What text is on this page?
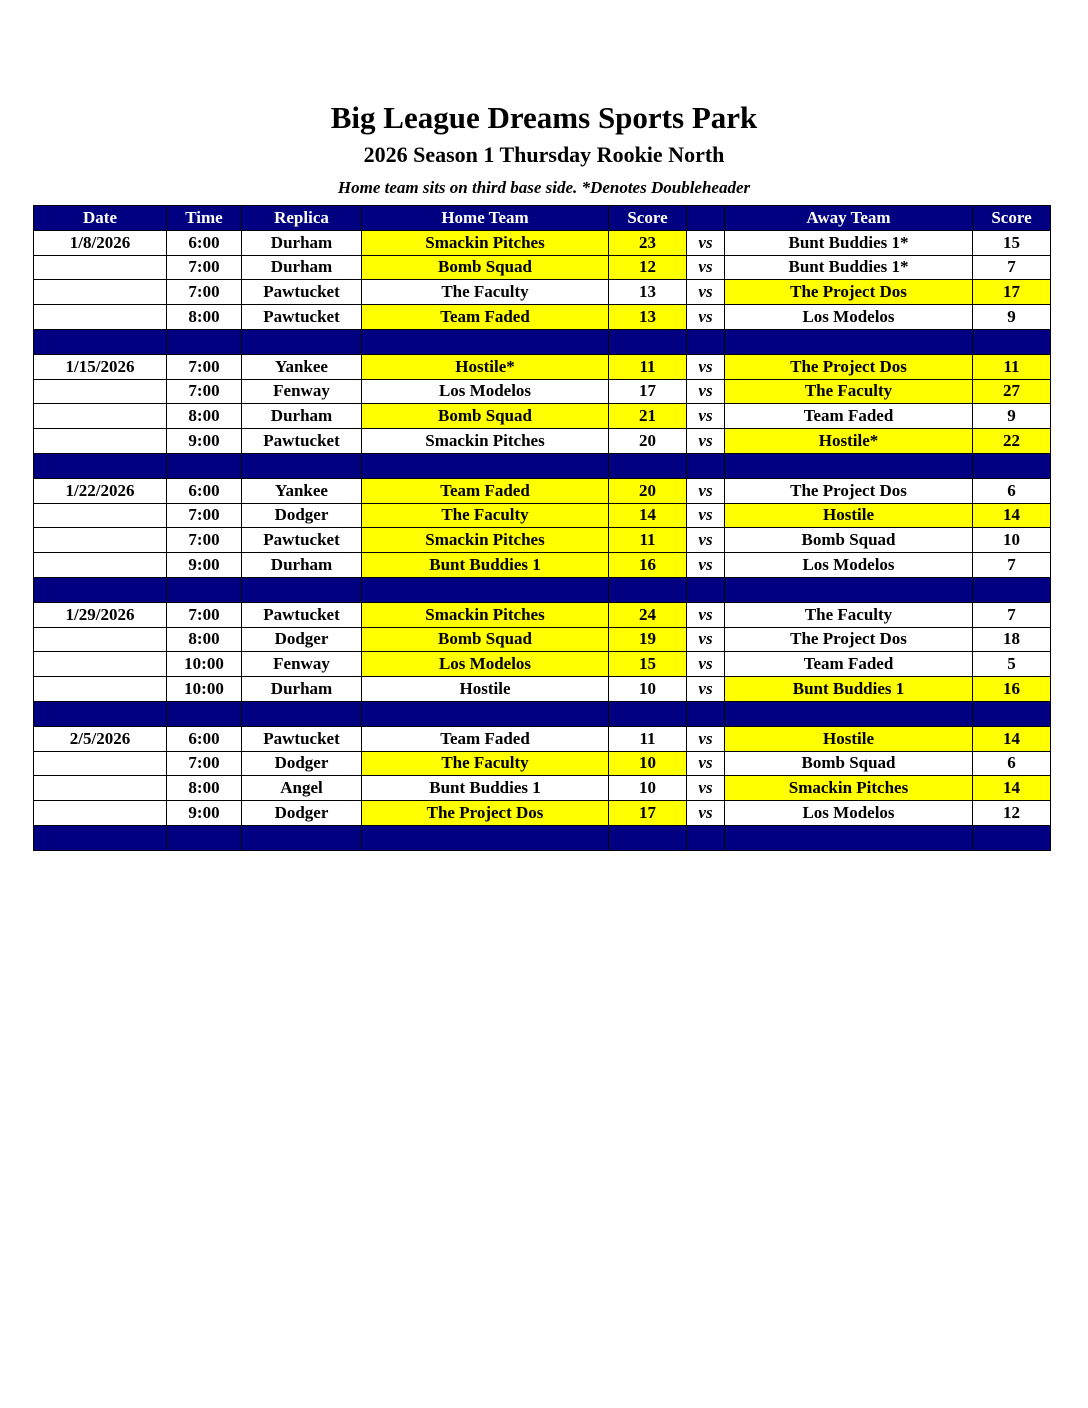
Big League Dreams Sports Park
2026 Season 1 Thursday Rookie North
Home team sits on third base side. *Denotes Doubleheader
Date	Time	Replica	Home Team	Score		Away Team	Score
1/8/2026	6:00	Durham	Smackin Pitches	23	vs	Bunt Buddies 1*	15
	7:00	Durham	Bomb Squad	12	vs	Bunt Buddies 1*	7
	7:00	Pawtucket	The Faculty	13	vs	The Project Dos	17
	8:00	Pawtucket	Team Faded	13	vs	Los Modelos	9

1/15/2026	7:00	Yankee	Hostile*	11	vs	The Project Dos	11
	7:00	Fenway	Los Modelos	17	vs	The Faculty	27
	8:00	Durham	Bomb Squad	21	vs	Team Faded	9
	9:00	Pawtucket	Smackin Pitches	20	vs	Hostile*	22

1/22/2026	6:00	Yankee	Team Faded	20	vs	The Project Dos	6
	7:00	Dodger	The Faculty	14	vs	Hostile	14
	7:00	Pawtucket	Smackin Pitches	11	vs	Bomb Squad	10
	9:00	Durham	Bunt Buddies 1	16	vs	Los Modelos	7

1/29/2026	7:00	Pawtucket	Smackin Pitches	24	vs	The Faculty	7
	8:00	Dodger	Bomb Squad	19	vs	The Project Dos	18
	10:00	Fenway	Los Modelos	15	vs	Team Faded	5
	10:00	Durham	Hostile	10	vs	Bunt Buddies 1	16

2/5/2026	6:00	Pawtucket	Team Faded	11	vs	Hostile	14
	7:00	Dodger	The Faculty	10	vs	Bomb Squad	6
	8:00	Angel	Bunt Buddies 1	10	vs	Smackin Pitches	14
	9:00	Dodger	The Project Dos	17	vs	Los Modelos	12
